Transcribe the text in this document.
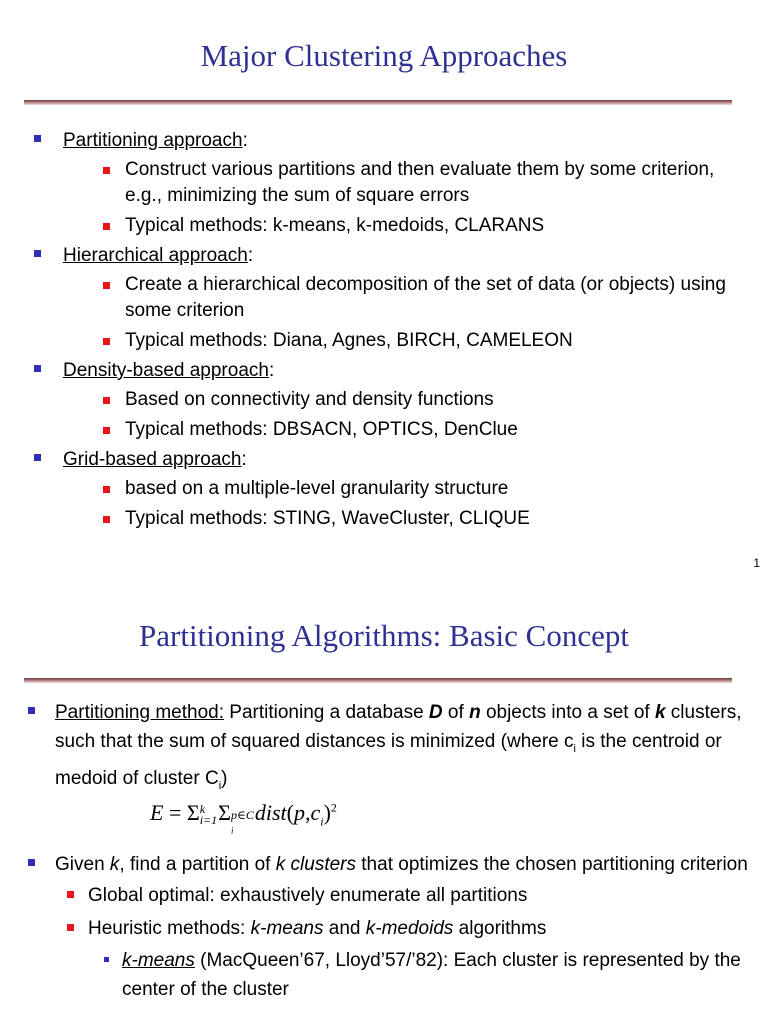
Major Clustering Approaches
Partitioning approach:
Construct various partitions and then evaluate them by some criterion, e.g., minimizing the sum of square errors
Typical methods: k-means, k-medoids, CLARANS
Hierarchical approach:
Create a hierarchical decomposition of the set of data (or objects) using some criterion
Typical methods: Diana, Agnes, BIRCH, CAMELEON
Density-based approach:
Based on connectivity and density functions
Typical methods: DBSACN, OPTICS, DenClue
Grid-based approach:
based on a multiple-level granularity structure
Typical methods: STING, WaveCluster, CLIQUE
1
Partitioning Algorithms: Basic Concept
Partitioning method: Partitioning a database D of n objects into a set of k clusters, such that the sum of squared distances is minimized (where $c_i$ is the centroid or medoid of cluster $C_i$)
Given k, find a partition of k clusters that optimizes the chosen partitioning criterion
Global optimal: exhaustively enumerate all partitions
Heuristic methods: k-means and k-medoids algorithms
k-means (MacQueen’67, Lloyd’57/’82): Each cluster is represented by the center of the cluster
E = Σ k
i=1 Σ p∈C
$_i$
$dist(p,c_i)^2$
